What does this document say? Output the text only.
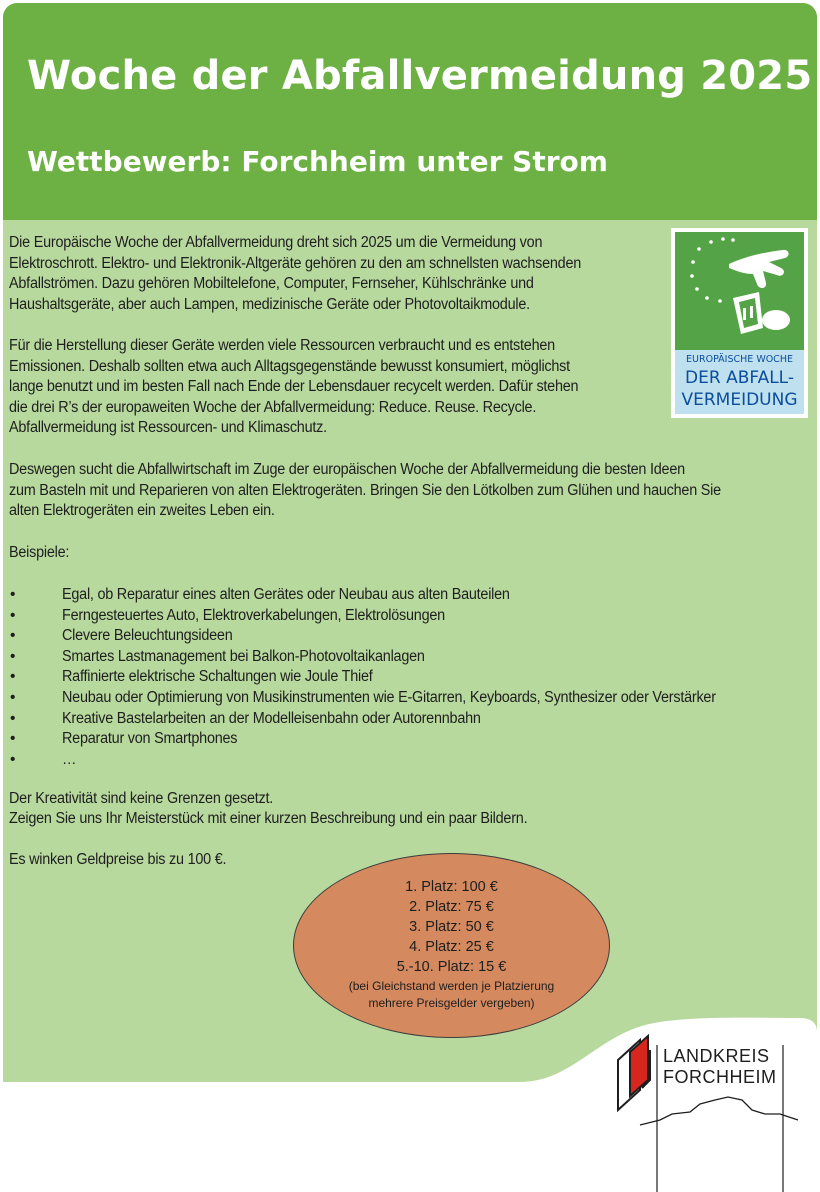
Woche der Abfallvermeidung 2025
Wettbewerb: Forchheim unter Strom
Die Europäische Woche der Abfallvermeidung dreht sich 2025 um die Vermeidung von
Elektroschrott. Elektro- und Elektronik-Altgeräte gehören zu den am schnellsten wachsenden
Abfallströmen. Dazu gehören Mobiltelefone, Computer, Fernseher, Kühlschränke und
Haushaltsgeräte, aber auch Lampen, medizinische Geräte oder Photovoltaikmodule.
Für die Herstellung dieser Geräte werden viele Ressourcen verbraucht und es entstehen
Emissionen. Deshalb sollten etwa auch Alltagsgegenstände bewusst konsumiert, möglichst
lange benutzt und im besten Fall nach Ende der Lebensdauer recycelt werden. Dafür stehen
die drei R’s der europaweiten Woche der Abfallvermeidung: Reduce. Reuse. Recycle.
Abfallvermeidung ist Ressourcen- und Klimaschutz.
Deswegen sucht die Abfallwirtschaft im Zuge der europäischen Woche der Abfallvermeidung die besten Ideen
zum Basteln mit und Reparieren von alten Elektrogeräten. Bringen Sie den Lötkolben zum Glühen und hauchen Sie
alten Elektrogeräten ein zweites Leben ein.
Beispiele:
•	Egal, ob Reparatur eines alten Gerätes oder Neubau aus alten Bauteilen
•	Ferngesteuertes Auto, Elektroverkabelungen, Elektrolösungen
•	Clevere Beleuchtungsideen
•	Smartes Lastmanagement bei Balkon-Photovoltaikanlagen
•	Raffinierte elektrische Schaltungen wie Joule Thief
•	Neubau oder Optimierung von Musikinstrumenten wie E-Gitarren, Keyboards, Synthesizer oder Verstärker
•	Kreative Bastelarbeiten an der Modelleisenbahn oder Autorennbahn
•	Reparatur von Smartphones
•	…
Der Kreativität sind keine Grenzen gesetzt.
Zeigen Sie uns Ihr Meisterstück mit einer kurzen Beschreibung und ein paar Bildern.
Es winken Geldpreise bis zu 100 €.
1. Platz: 100 €
2. Platz: 75 €
3. Platz: 50 €
4. Platz: 25 €
5.-10. Platz: 15 €
(bei Gleichstand werden je Platzierung
mehrere Preisgelder vergeben)
EUROPÄISCHE WOCHE
DER ABFALL-
VERMEIDUNG
LANDKREIS
FORCHHEIM
